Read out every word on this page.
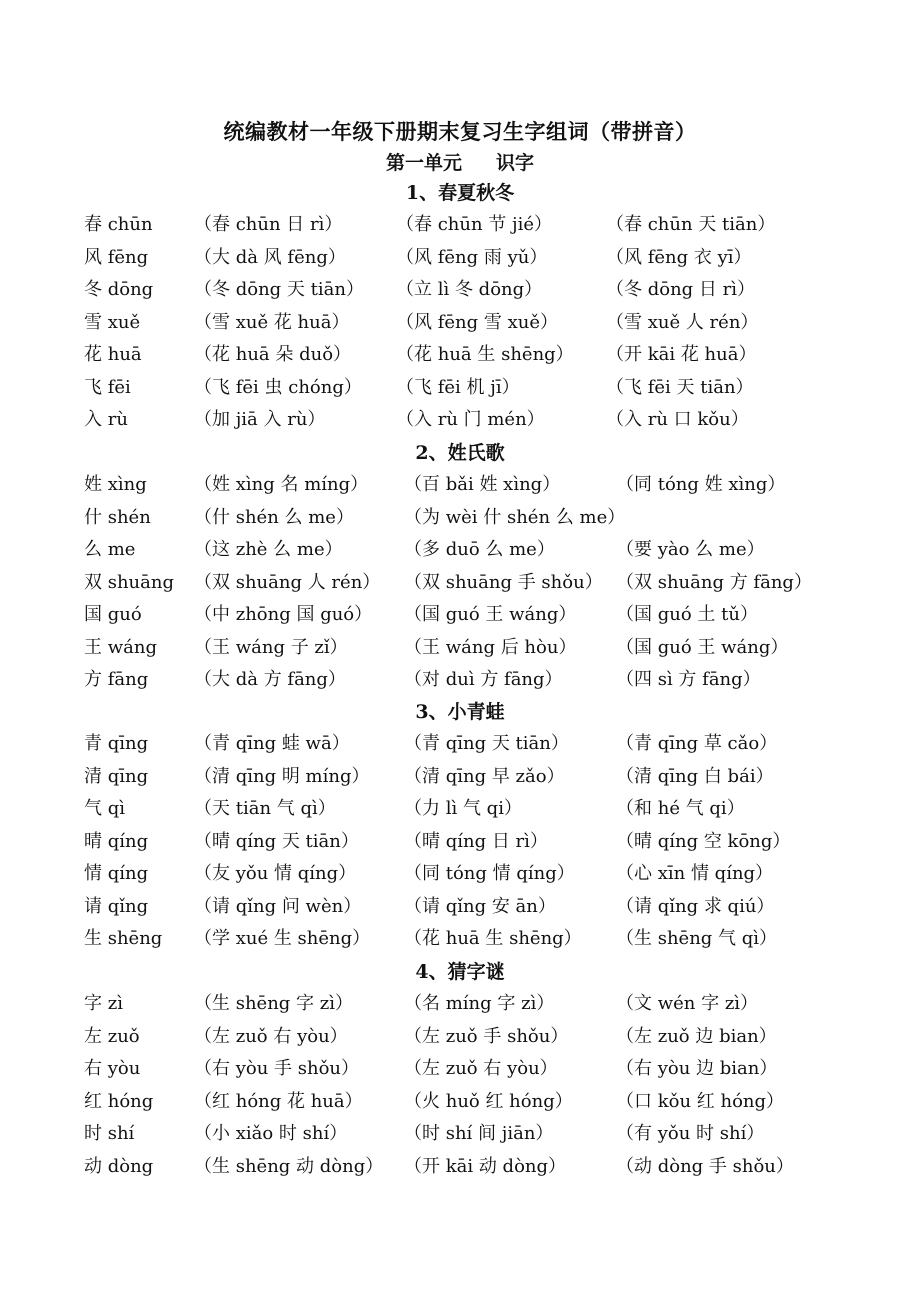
统编教材一年级下册期末复习生字组词（带拼音）
第一单元 识字
1、春夏秋冬
春 chūn （春 chūn 日 rì）	（春 chūn 节 jié）	（春 chūn 天 tiān）
风 fēng	（大 dà 风 fēng）	（风 fēng 雨 yǔ）	（风 fēng 衣 yī）
冬 dōng （冬 dōng 天 tiān） （立 lì 冬 dōng）	（冬 dōng 日 rì）
雪 xuě	（雪 xuě 花 huā）	（风 fēng 雪 xuě）	（雪 xuě 人 rén）
花 huā	（花 huā 朵 duǒ） （花 huā 生 shēng） （开 kāi 花 huā）
飞 fēi	（飞 fēi 虫 chóng） （飞 fēi 机 jī）	（飞 fēi 天 tiān）
入 rù	（加 jiā 入 rù）	（入 rù 门 mén）	（入 rù 口 kǒu）
2、姓氏歌
姓 xìng	（姓 xìng 名 míng） （百 bǎi 姓 xìng）	（同 tóng 姓 xìng）
什 shén （什 shén 么 me）	（为 wèi 什 shén 么 me）
么 me	（这 zhè 么 me）	（多 duō 么 me）	（要 yào 么 me）
双 shuāng （双 shuāng 人 rén） （双 shuāng 手 shǒu） （双 shuāng 方 fāng）
国 guó	（中 zhōng 国 guó） （国 guó 王 wáng） （国 guó 土 tǔ）
王 wáng （王 wáng 子 zǐ）	（王 wáng 后 hòu） （国 guó 王 wáng）
方 fāng	（大 dà 方 fāng）	（对 duì 方 fāng）	（四 sì 方 fāng）
3、小青蛙
青 qīng	（青 qīng 蛙 wā）	（青 qīng 天 tiān）	（青 qīng 草 cǎo）
清 qīng	（清 qīng 明 míng） （清 qīng 早 zǎo）	（清 qīng 白 bái）
气 qì	（天 tiān 气 qì）	（力 lì 气 qi）	（和 hé 气 qi）
晴 qíng	（晴 qíng 天 tiān）	（晴 qíng 日 rì）	（晴 qíng 空 kōng）
情 qíng	（友 yǒu 情 qíng）	（同 tóng 情 qíng） （心 xīn 情 qíng）
请 qǐng	（请 qǐng 问 wèn） （请 qǐng 安 ān）	（请 qǐng 求 qiú）
生 shēng （学 xué 生 shēng） （花 huā 生 shēng） （生 shēng 气 qì）
4、猜字谜
字 zì	（生 shēng 字 zì）	（名 míng 字 zì）	（文 wén 字 zì）
左 zuǒ	（左 zuǒ 右 yòu）	（左 zuǒ 手 shǒu）	（左 zuǒ 边 bian）
右 yòu	（右 yòu 手 shǒu） （左 zuǒ 右 yòu）	（右 yòu 边 bian）
红 hóng （红 hóng 花 huā） （火 huǒ 红 hóng） （口 kǒu 红 hóng）
时 shí	（小 xiǎo 时 shí）	（时 shí 间 jiān）	（有 yǒu 时 shí）
动 dòng （生 shēng 动 dòng） （开 kāi 动 dòng）	（动 dòng 手 shǒu）
